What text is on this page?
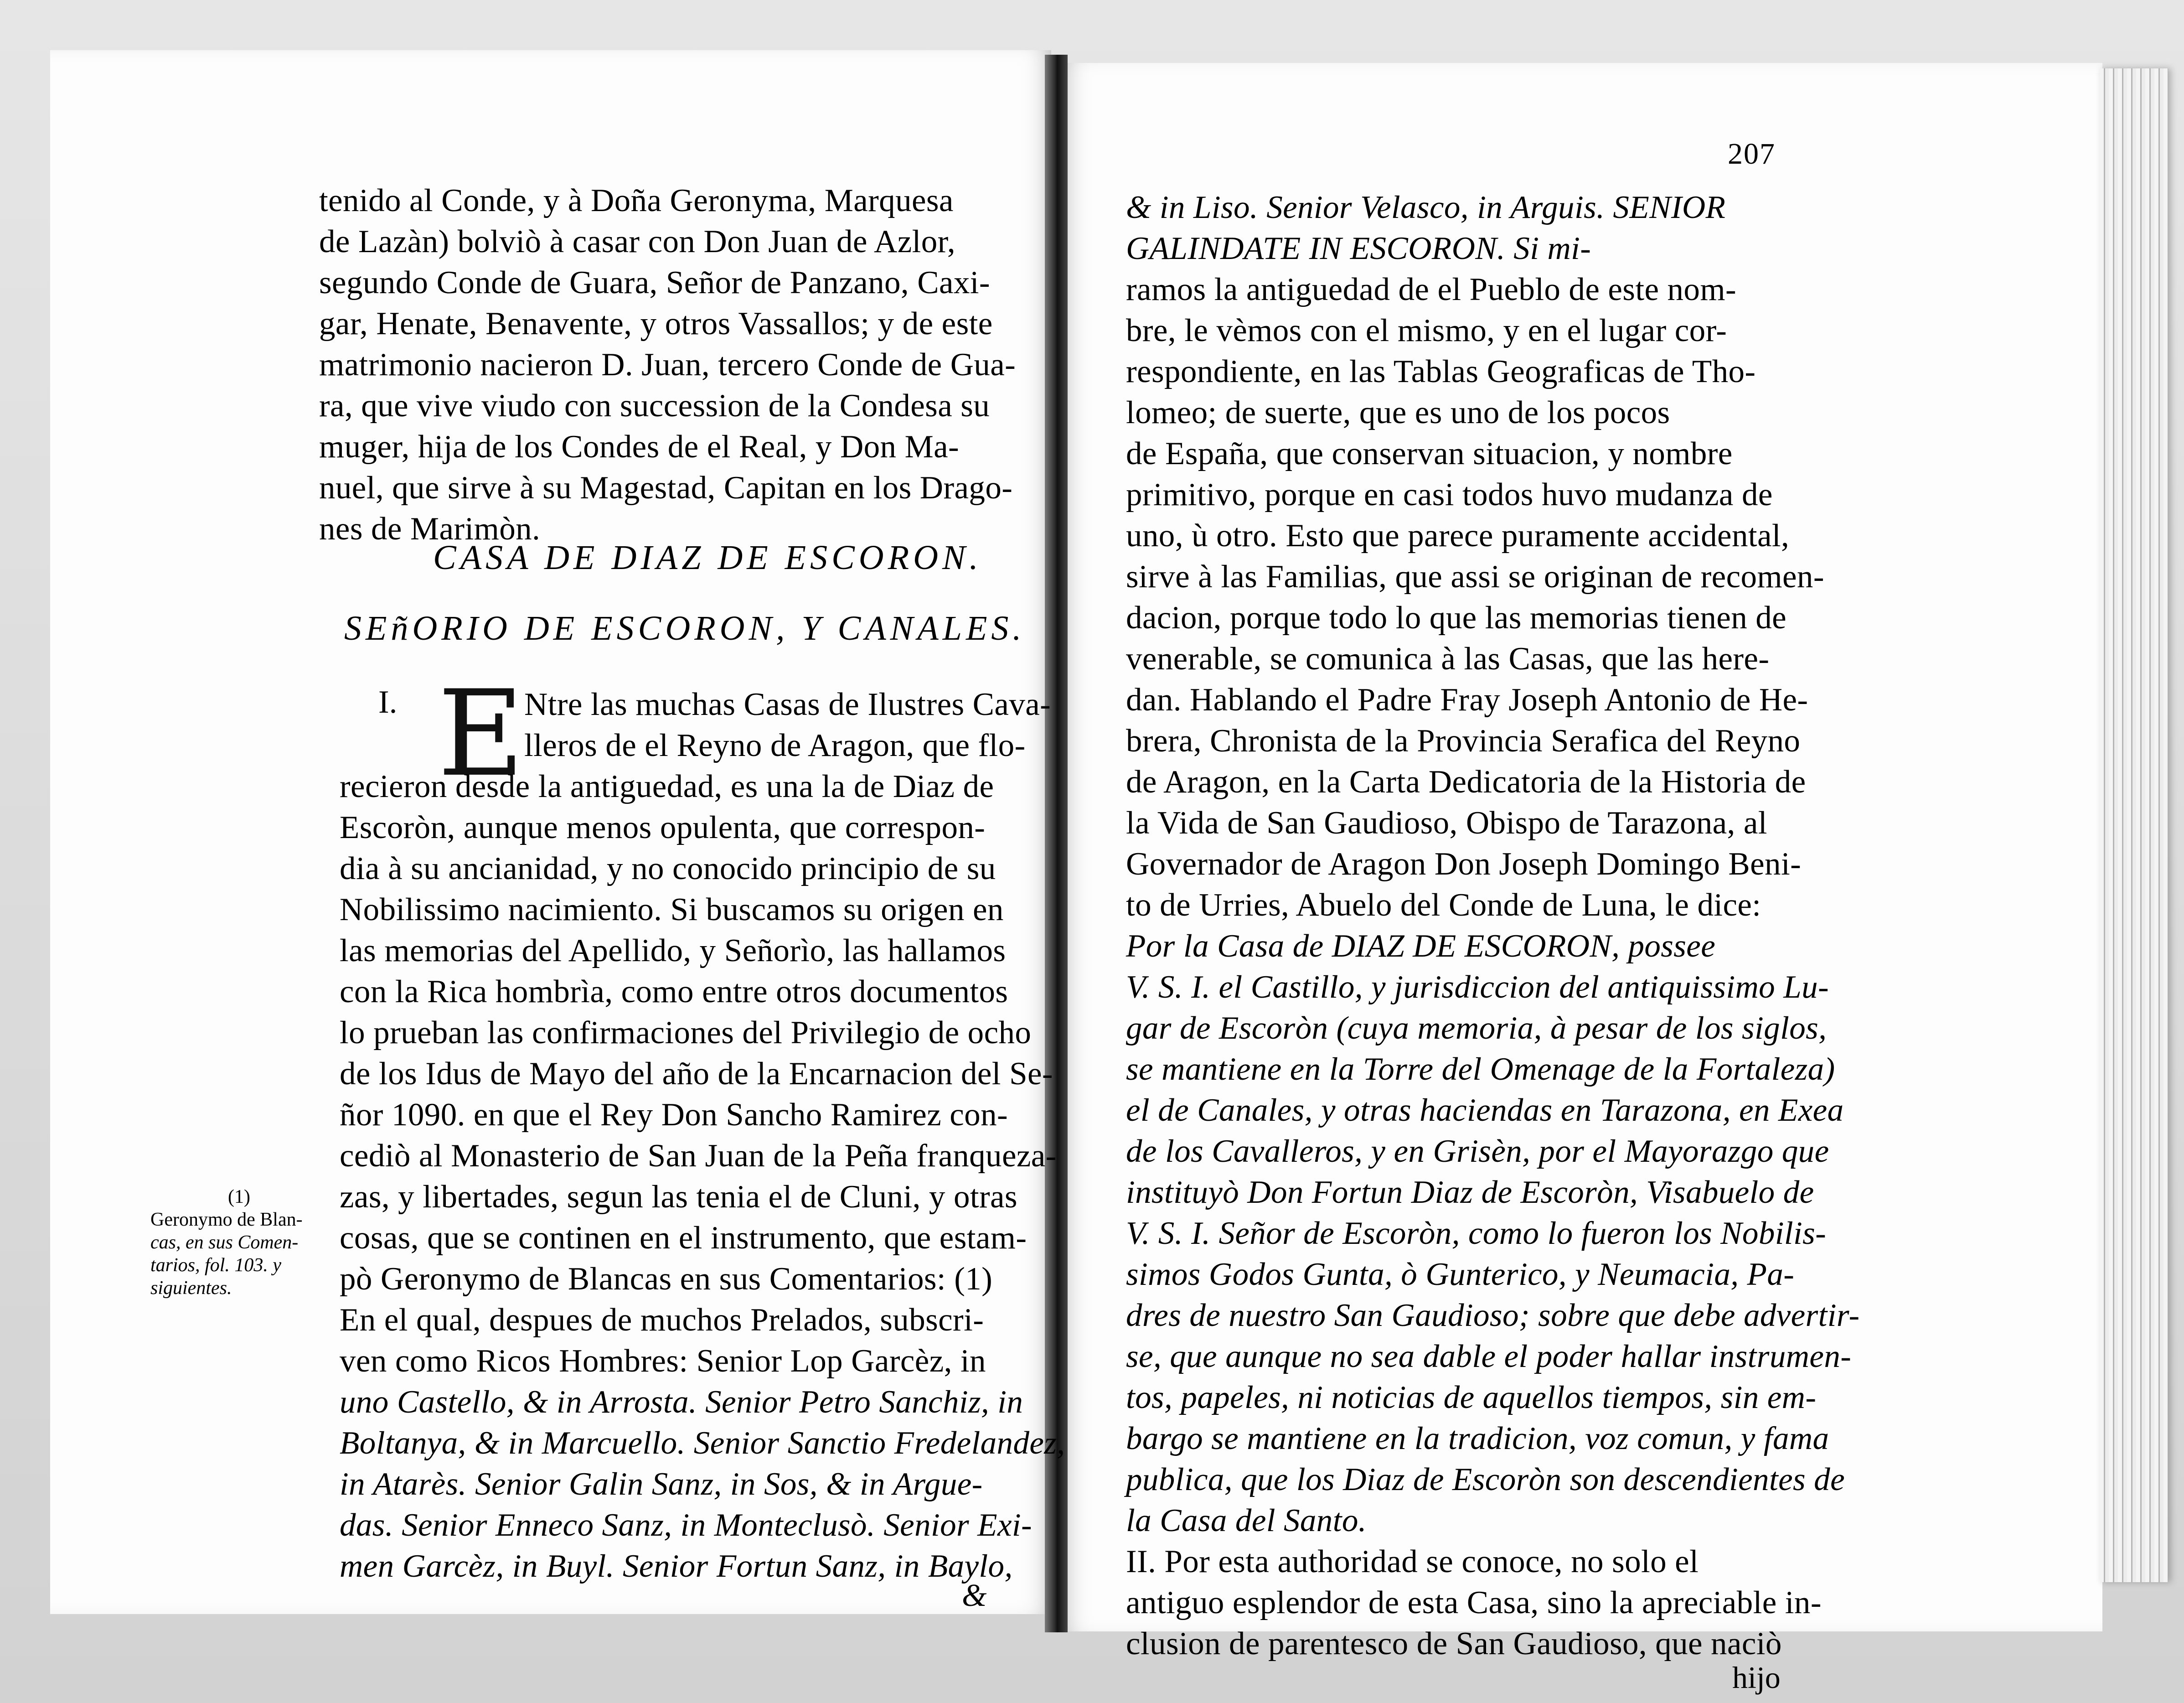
tenido al Conde, y à Doña Geronyma, Marquesa
de Lazàn) bolviò à casar con Don Juan de Azlor,
segundo Conde de Guara, Señor de Panzano, Caxi-
gar, Henate, Benavente, y otros Vassallos; y de este
matrimonio nacieron D. Juan, tercero Conde de Gua-
ra, que vive viudo con succession de la Condesa su
muger, hija de los Condes de el Real, y Don Ma-
nuel, que sirve à su Magestad, Capitan en los Drago-
nes de Marimòn.
CASA DE DIAZ DE ESCORON.
SEñORIO DE ESCORON, Y CANALES.
I. E Ntre las muchas Casas de Ilustres Cava-
lleros de el Reyno de Aragon, que flo-
recieron desde la antiguedad, es una la de Diaz de
Escoròn, aunque menos opulenta, que correspon-
dia à su ancianidad, y no conocido principio de su
Nobilissimo nacimiento. Si buscamos su origen en
las memorias del Apellido, y Señorìo, las hallamos
con la Rica hombrìa, como entre otros documentos
lo prueban las confirmaciones del Privilegio de ocho
de los Idus de Mayo del año de la Encarnacion del Se-
ñor 1090. en que el Rey Don Sancho Ramirez con-
cediò al Monasterio de San Juan de la Peña franqueza-
zas, y libertades, segun las tenia el de Cluni, y otras
cosas, que se continen en el instrumento, que estam-
pò Geronymo de Blancas en sus Comentarios: (1)
En el qual, despues de muchos Prelados, subscri-
ven como Ricos Hombres: Senior Lop Garcèz, in
uno Castello, & in Arrosta. Senior Petro Sanchiz, in
Boltanya, & in Marcuello. Senior Sanctio Fredelandez,
in Atarès. Senior Galin Sanz, in Sos, & in Argue-
das. Senior Enneco Sanz, in Monteclusò. Senior Exi-
men Garcèz, in Buyl. Senior Fortun Sanz, in Baylo,
&
(1)
Geronymo de Blan-
cas, en sus Comen-
tarios, fol. 103. y
siguientes.
207
& in Liso. Senior Velasco, in Arguis. SENIOR
GALINDATE IN ESCORON. Si mi-
ramos la antiguedad de el Pueblo de este nom-
bre, le vèmos con el mismo, y en el lugar cor-
respondiente, en las Tablas Geograficas de Tho-
lomeo; de suerte, que es uno de los pocos
de España, que conservan situacion, y nombre
primitivo, porque en casi todos huvo mudanza de
uno, ù otro. Esto que parece puramente accidental,
sirve à las Familias, que assi se originan de recomen-
dacion, porque todo lo que las memorias tienen de
venerable, se comunica à las Casas, que las here-
dan. Hablando el Padre Fray Joseph Antonio de He-
brera, Chronista de la Provincia Serafica del Reyno
de Aragon, en la Carta Dedicatoria de la Historia de
la Vida de San Gaudioso, Obispo de Tarazona, al
Governador de Aragon Don Joseph Domingo Beni-
to de Urries, Abuelo del Conde de Luna, le dice:
Por la Casa de DIAZ DE ESCORON, possee
V. S. I. el Castillo, y jurisdiccion del antiquissimo Lu-
gar de Escoròn (cuya memoria, à pesar de los siglos,
se mantiene en la Torre del Omenage de la Fortaleza)
el de Canales, y otras haciendas en Tarazona, en Exea
de los Cavalleros, y en Grisèn, por el Mayorazgo que
instituyò Don Fortun Diaz de Escoròn, Visabuelo de
V. S. I. Señor de Escoròn, como lo fueron los Nobilis-
simos Godos Gunta, ò Gunterico, y Neumacia, Pa-
dres de nuestro San Gaudioso; sobre que debe advertir-
se, que aunque no sea dable el poder hallar instrumen-
tos, papeles, ni noticias de aquellos tiempos, sin em-
bargo se mantiene en la tradicion, voz comun, y fama
publica, que los Diaz de Escoròn son descendientes de
la Casa del Santo.
II. Por esta authoridad se conoce, no solo el
antiguo esplendor de esta Casa, sino la apreciable in-
clusion de parentesco de San Gaudioso, que naciò
hijo
